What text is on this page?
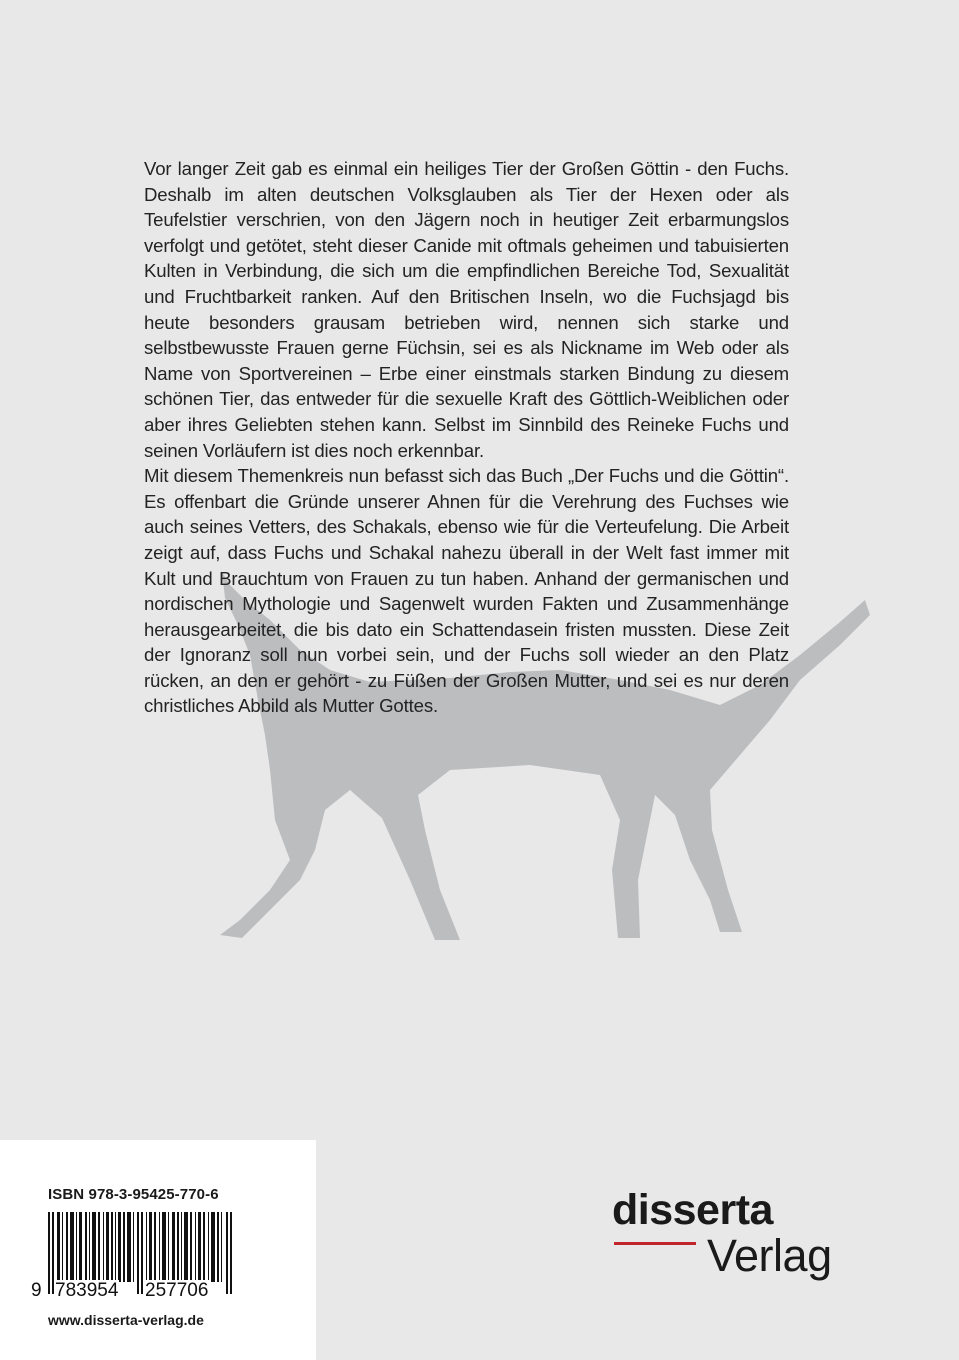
Vor langer Zeit gab es einmal ein heiliges Tier der Großen Göttin - den Fuchs. Deshalb im alten deutschen Volksglauben als Tier der Hexen oder als Teufelstier verschrien, von den Jägern noch in heutiger Zeit erbarmungslos verfolgt und getötet, steht dieser Canide mit oftmals geheimen und tabuisierten Kulten in Verbindung, die sich um die empfindlichen Bereiche Tod, Sexualität und Fruchtbarkeit ranken. Auf den Britischen Inseln, wo die Fuchsjagd bis heute besonders grausam betrieben wird, nennen sich starke und selbstbewusste Frauen gerne Füchsin, sei es als Nickname im Web oder als Name von Sportvereinen – Erbe einer einstmals starken Bindung zu diesem schönen Tier, das entweder für die sexuelle Kraft des Göttlich-Weiblichen oder aber ihres Geliebten stehen kann. Selbst im Sinnbild des Reineke Fuchs und seinen Vorläufern ist dies noch erkennbar.

Mit diesem Themenkreis nun befasst sich das Buch „Der Fuchs und die Göttin“. Es offenbart die Gründe unserer Ahnen für die Verehrung des Fuchses wie auch seines Vetters, des Schakals, ebenso wie für die Verteufelung. Die Arbeit zeigt auf, dass Fuchs und Schakal nahezu überall in der Welt fast immer mit Kult und Brauchtum von Frauen zu tun haben. Anhand der germanischen und nordischen Mythologie und Sagenwelt wurden Fakten und Zusammenhänge herausgearbeitet, die bis dato ein Schattendasein fristen mussten. Diese Zeit der Ignoranz soll nun vorbei sein, und der Fuchs soll wieder an den Platz rücken, an den er gehört - zu Füßen der Großen Mutter, und sei es nur deren christliches Abbild als Mutter Gottes.

ISBN 978-3-95425-770-6
9 783954 257706
www.disserta-verlag.de
disserta
Verlag
